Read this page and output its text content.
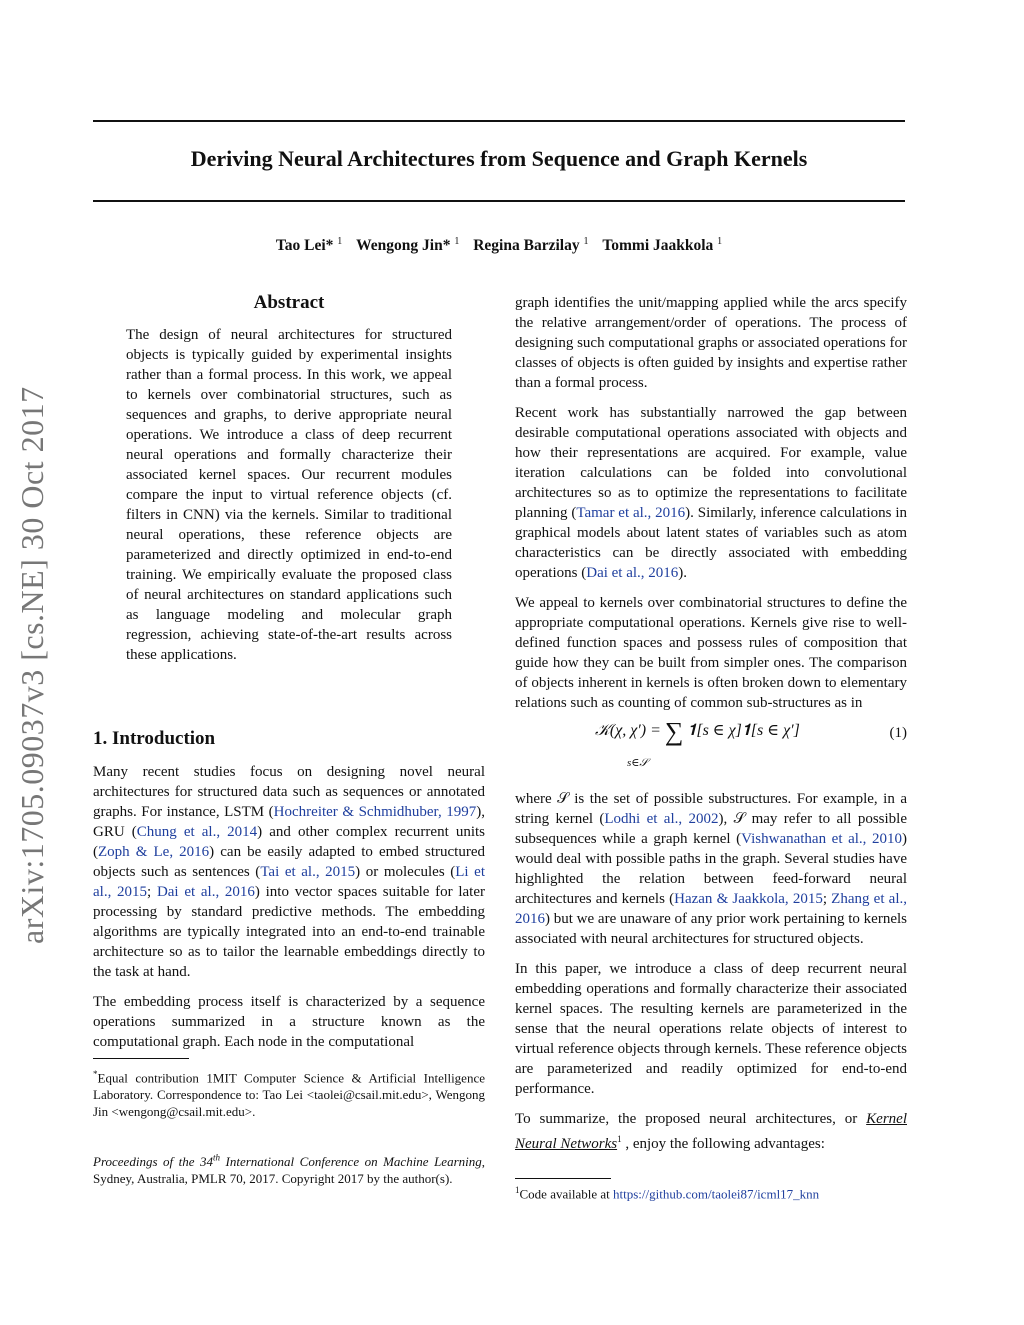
arXiv:1705.09037v3 [cs.NE] 30 Oct 2017
Deriving Neural Architectures from Sequence and Graph Kernels
Tao Lei* $^1$ Wengong Jin* $^1$ Regina Barzilay $^1$ Tommi Jaakkola $^1$
Abstract
The design of neural architectures for structured objects is typically guided by experimental insights rather than a formal process. In this work, we appeal to kernels over combinatorial structures, such as sequences and graphs, to derive appropriate neural operations. We introduce a class of deep recurrent neural operations and formally characterize their associated kernel spaces. Our recurrent modules compare the input to virtual reference objects (cf. filters in CNN) via the kernels. Similar to traditional neural operations, these reference objects are parameterized and directly optimized in end-to-end training. We empirically evaluate the proposed class of neural architectures on standard applications such as language modeling and molecular graph regression, achieving state-of-the-art results across these applications.
1. Introduction

Many recent studies focus on designing novel neural architectures for structured data such as sequences or annotated graphs. For instance, LSTM (Hochreiter & Schmidhuber, 1997), GRU (Chung et al., 2014) and other complex recurrent units (Zoph & Le, 2016) can be easily adapted to embed structured objects such as sentences (Tai et al., 2015) or molecules (Li et al., 2015; Dai et al., 2016) into vector spaces suitable for later processing by standard predictive methods. The embedding algorithms are typically integrated into an end-to-end trainable architecture so as to tailor the learnable embeddings directly to the task at hand.

The embedding process itself is characterized by a sequence operations summarized in a structure known as the computational graph. Each node in the computational

*Equal contribution 1MIT Computer Science & Artificial Intelligence Laboratory. Correspondence to: Tao Lei <taolei@csail.mit.edu>, Wengong Jin <wengong@csail.mit.edu>.
Proceedings of the 34th International Conference on Machine Learning, Sydney, Australia, PMLR 70, 2017. Copyright 2017 by the author(s).

graph identifies the unit/mapping applied while the arcs specify the relative arrangement/order of operations. The process of designing such computational graphs or associated operations for classes of objects is often guided by insights and expertise rather than a formal process.

Recent work has substantially narrowed the gap between desirable computational operations associated with objects and how their representations are acquired. For example, value iteration calculations can be folded into convolutional architectures so as to optimize the representations to facilitate planning (Tamar et al., 2016). Similarly, inference calculations in graphical models about latent states of variables such as atom characteristics can be directly associated with embedding operations (Dai et al., 2016).

We appeal to kernels over combinatorial structures to define the appropriate computational operations. Kernels give rise to well-defined function spaces and possess rules of composition that guide how they can be built from simpler ones. The comparison of objects inherent in kernels is often broken down to elementary relations such as counting of common sub-structures as in

𝒦(χ, χ′) = ∑ 𝟏[s ∈ χ]𝟏[s ∈ χ′]
s∈𝒮
(1)

where 𝒮 is the set of possible substructures. For example, in a string kernel (Lodhi et al., 2002), 𝒮 may refer to all possible subsequences while a graph kernel (Vishwanathan et al., 2010) would deal with possible paths in the graph. Several studies have highlighted the relation between feed-forward neural architectures and kernels (Hazan & Jaakkola, 2015; Zhang et al., 2016) but we are unaware of any prior work pertaining to kernels associated with neural architectures for structured objects.

In this paper, we introduce a class of deep recurrent neural embedding operations and formally characterize their associated kernel spaces. The resulting kernels are parameterized in the sense that the neural operations relate objects of interest to virtual reference objects through kernels. These reference objects are parameterized and readily optimized for end-to-end performance.

To summarize, the proposed neural architectures, or Kernel Neural Networks$^1$ , enjoy the following advantages:

$^1$Code available at https://github.com/taolei87/icml17_knn
